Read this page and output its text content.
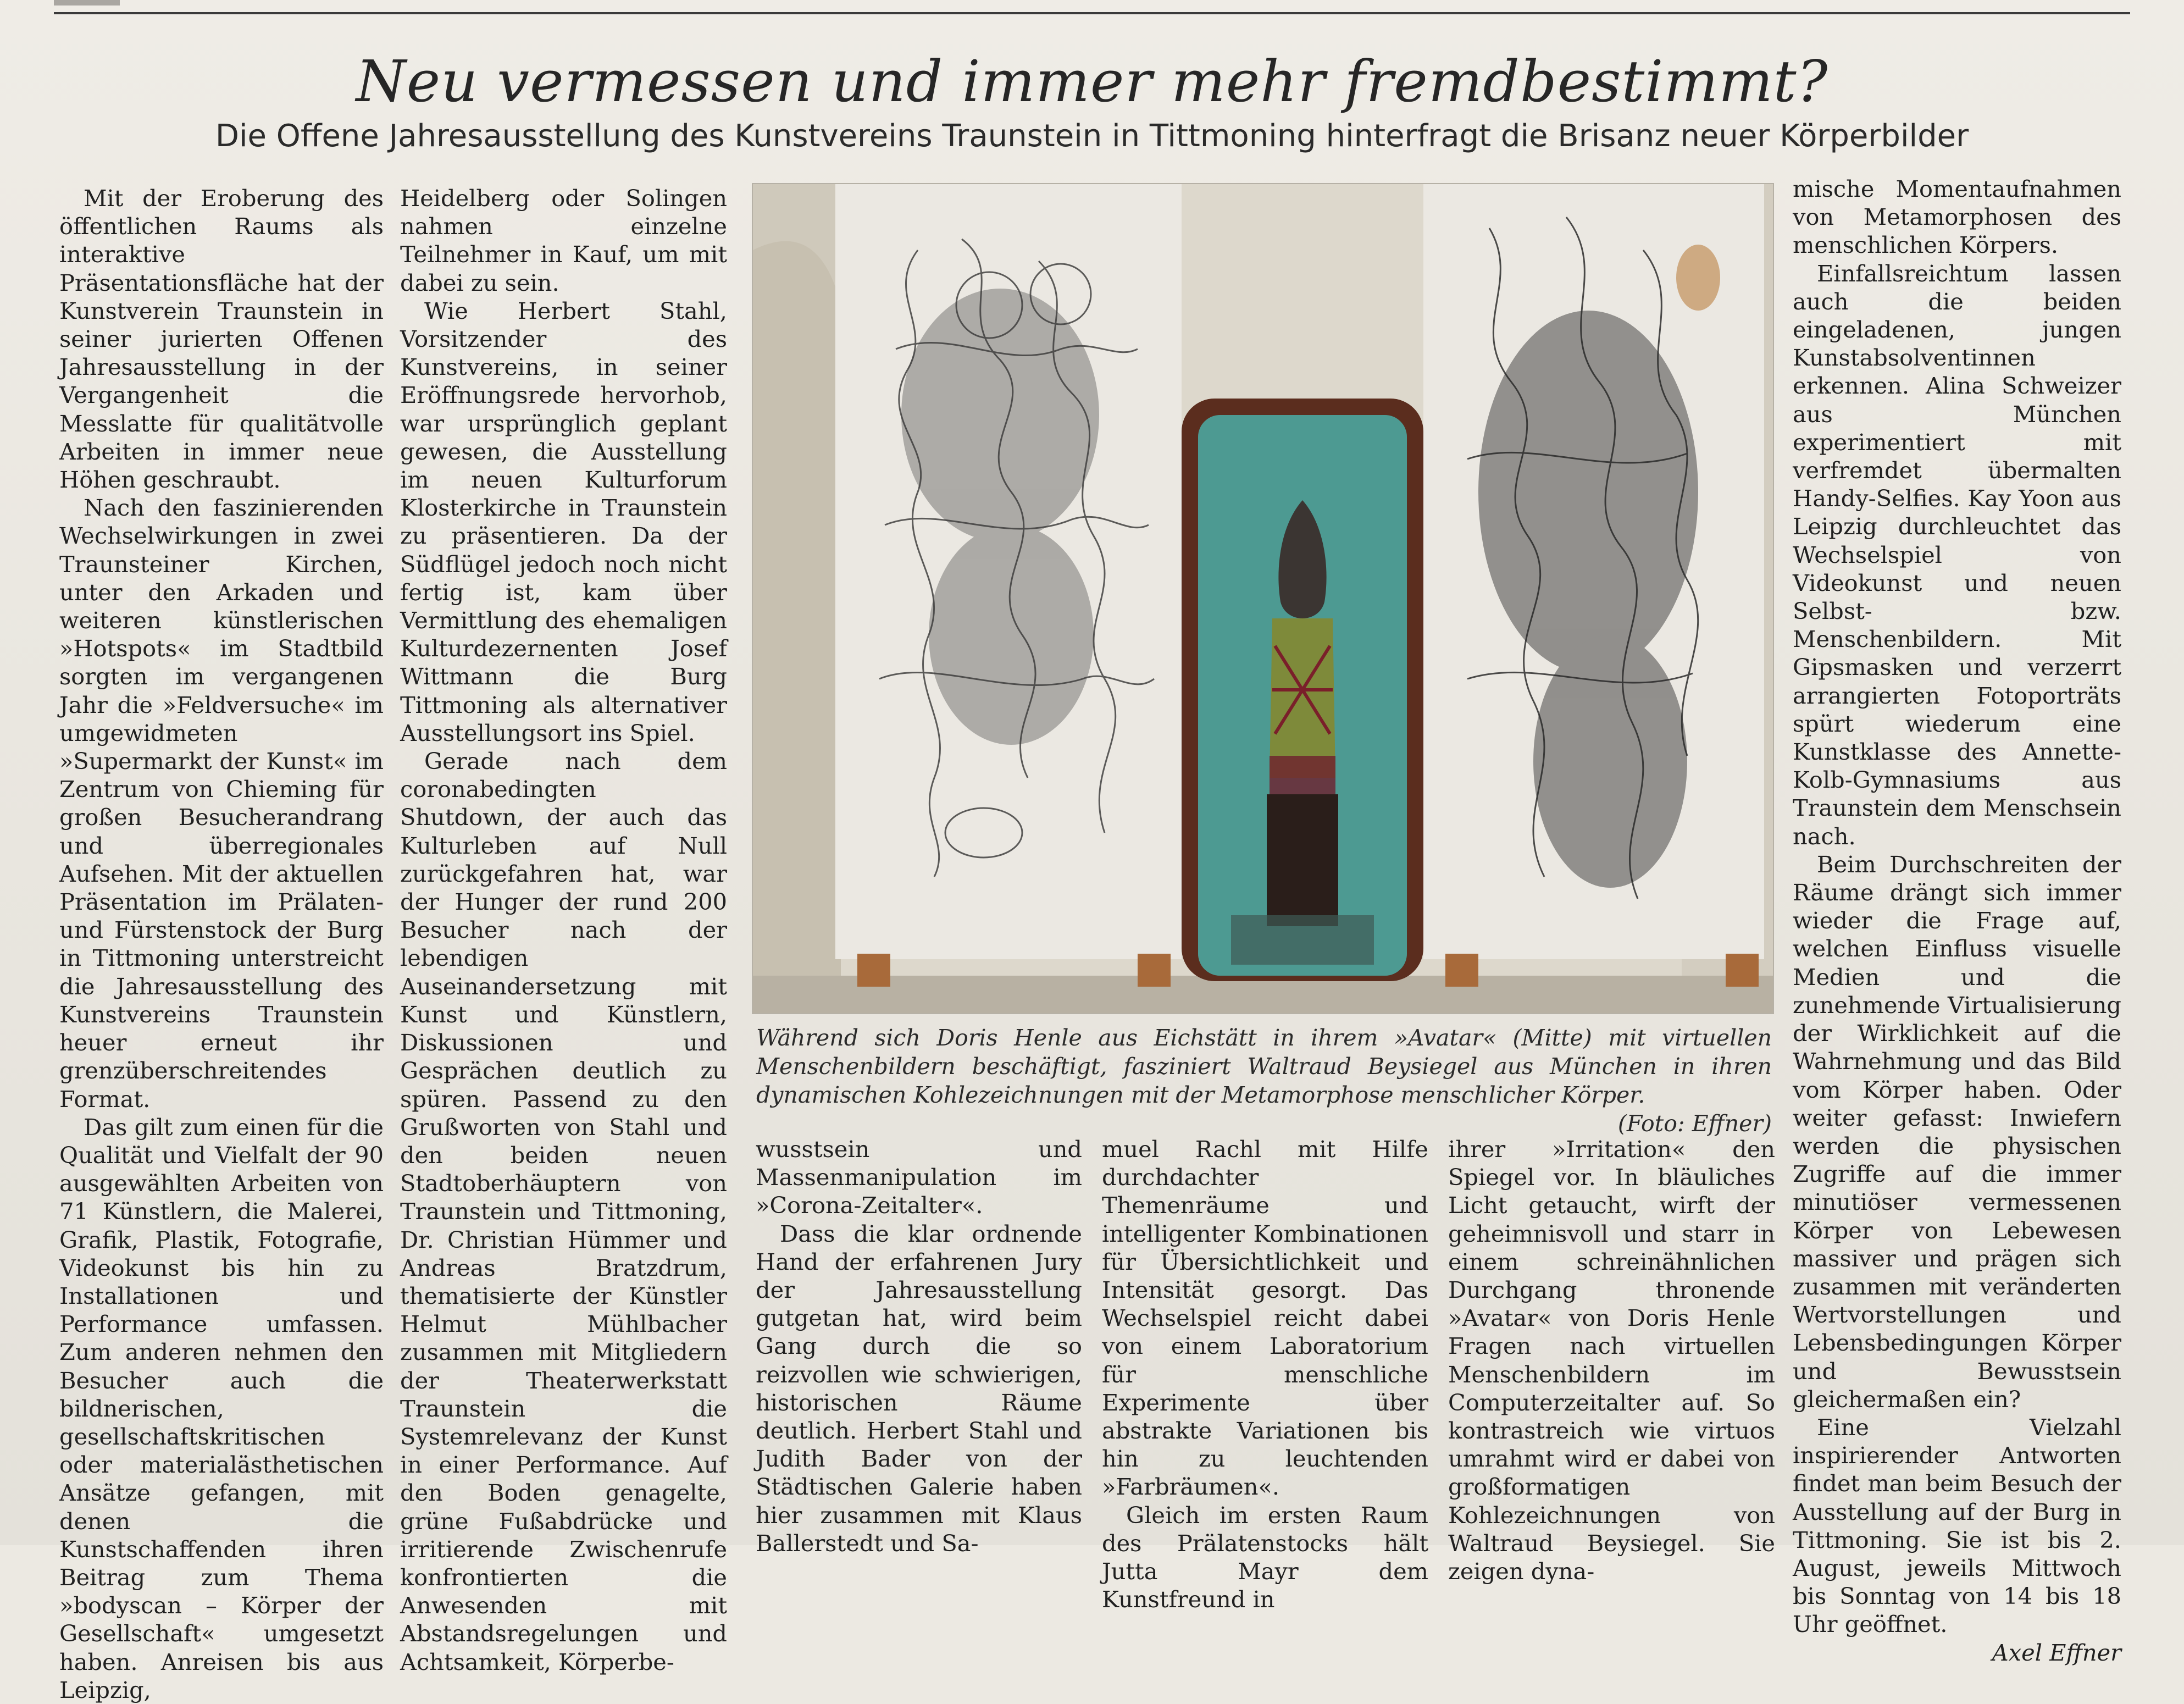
Neu vermessen und immer mehr fremdbestimmt?
Die Offene Jahresausstellung des Kunstvereins Traunstein in Tittmoning hinterfragt die Brisanz neuer Körperbilder

Mit der Eroberung des öffentlichen Raums als interaktive Präsentationsfläche hat der Kunstverein Traunstein in seiner jurierten Offenen Jahresausstellung in der Vergangenheit die Messlatte für qualitätvolle Arbeiten in immer neue Höhen geschraubt.

Nach den faszinierenden Wechselwirkungen in zwei Traunsteiner Kirchen, unter den Arkaden und weiteren künstlerischen »Hotspots« im Stadtbild sorgten im vergangenen Jahr die »Feldversuche« im umgewidmeten »Supermarkt der Kunst« im Zentrum von Chieming für großen Besucherandrang und überregionales Aufsehen. Mit der aktuellen Präsentation im Prälaten- und Fürstenstock der Burg in Tittmoning unterstreicht die Jahresausstellung des Kunstvereins Traunstein heuer erneut ihr grenzüberschreitendes Format.

Das gilt zum einen für die Qualität und Vielfalt der 90 ausgewählten Arbeiten von 71 Künstlern, die Malerei, Grafik, Plastik, Fotografie, Videokunst bis hin zu Installationen und Performance umfassen. Zum anderen nehmen den Besucher auch die bildnerischen, gesellschaftskritischen oder materialästhetischen Ansätze gefangen, mit denen die Kunstschaffenden ihren Beitrag zum Thema »bodyscan – Körper der Gesellschaft« umgesetzt haben. Anreisen bis aus Leipzig,

Heidelberg oder Solingen nahmen einzelne Teilnehmer in Kauf, um mit dabei zu sein.

Wie Herbert Stahl, Vorsitzender des Kunstvereins, in seiner Eröffnungsrede hervorhob, war ursprünglich geplant gewesen, die Ausstellung im neuen Kulturforum Klosterkirche in Traunstein zu präsentieren. Da der Südflügel jedoch noch nicht fertig ist, kam über Vermittlung des ehemaligen Kulturdezernenten Josef Wittmann die Burg Tittmoning als alternativer Ausstellungsort ins Spiel.

Gerade nach dem coronabedingten Shutdown, der auch das Kulturleben auf Null zurückgefahren hat, war der Hunger der rund 200 Besucher nach der lebendigen Auseinandersetzung mit Kunst und Künstlern, Diskussionen und Gesprächen deutlich zu spüren. Passend zu den Grußworten von Stahl und den beiden neuen Stadtoberhäuptern von Traunstein und Tittmoning, Dr. Christian Hümmer und Andreas Bratzdrum, thematisierte der Künstler Helmut Mühlbacher zusammen mit Mitgliedern der Theaterwerkstatt Traunstein die Systemrelevanz der Kunst in einer Performance. Auf den Boden genagelte, grüne Fußabdrücke und irritierende Zwischenrufe konfrontierten die Anwesenden mit Abstandsregelungen und Achtsamkeit, Körperbe-

Während sich Doris Henle aus Eichstätt in ihrem »Avatar« (Mitte) mit virtuellen Menschenbildern beschäftigt, fasziniert Waltraud Beysiegel aus München in ihren dynamischen Kohlezeichnungen mit der Metamorphose menschlicher Körper.
(Foto: Effner)

wusstsein und Massenmanipulation im »Corona-Zeitalter«.

Dass die klar ordnende Hand der erfahrenen Jury der Jahresausstellung gutgetan hat, wird beim Gang durch die so reizvollen wie schwierigen, historischen Räume deutlich. Herbert Stahl und Judith Bader von der Städtischen Galerie haben hier zusammen mit Klaus Ballerstedt und Sa-

muel Rachl mit Hilfe durchdachter Themenräume und intelligenter Kombinationen für Übersichtlichkeit und Intensität gesorgt. Das Wechselspiel reicht dabei von einem Laboratorium für menschliche Experimente über abstrakte Variationen bis hin zu leuchtenden »Farbräumen«.

Gleich im ersten Raum des Prälatenstocks hält Jutta Mayr dem Kunstfreund in

ihrer »Irritation« den Spiegel vor. In bläuliches Licht getaucht, wirft der geheimnisvoll und starr in einem schreinähnlichen Durchgang thronende »Avatar« von Doris Henle Fragen nach virtuellen Menschenbildern im Computerzeitalter auf. So kontrastreich wie virtuos umrahmt wird er dabei von großformatigen Kohlezeichnungen von Waltraud Beysiegel. Sie zeigen dyna-

mische Momentaufnahmen von Metamorphosen des menschlichen Körpers.

Einfallsreichtum lassen auch die beiden eingeladenen, jungen Kunstabsolventinnen erkennen. Alina Schweizer aus München experimentiert mit verfremdet übermalten Handy-Selfies. Kay Yoon aus Leipzig durchleuchtet das Wechselspiel von Videokunst und neuen Selbst- bzw. Menschenbildern. Mit Gipsmasken und verzerrt arrangierten Fotoporträts spürt wiederum eine Kunstklasse des Annette-Kolb-Gymnasiums aus Traunstein dem Menschsein nach.

Beim Durchschreiten der Räume drängt sich immer wieder die Frage auf, welchen Einfluss visuelle Medien und die zunehmende Virtualisierung der Wirklichkeit auf die Wahrnehmung und das Bild vom Körper haben. Oder weiter gefasst: Inwiefern werden die physischen Zugriffe auf die immer minutiöser vermessenen Körper von Lebewesen massiver und prägen sich zusammen mit veränderten Wertvorstellungen und Lebensbedingungen Körper und Bewusstsein gleichermaßen ein?

Eine Vielzahl inspirierender Antworten findet man beim Besuch der Ausstellung auf der Burg in Tittmoning. Sie ist bis 2. August, jeweils Mittwoch bis Sonntag von 14 bis 18 Uhr geöffnet.

Axel Effner
